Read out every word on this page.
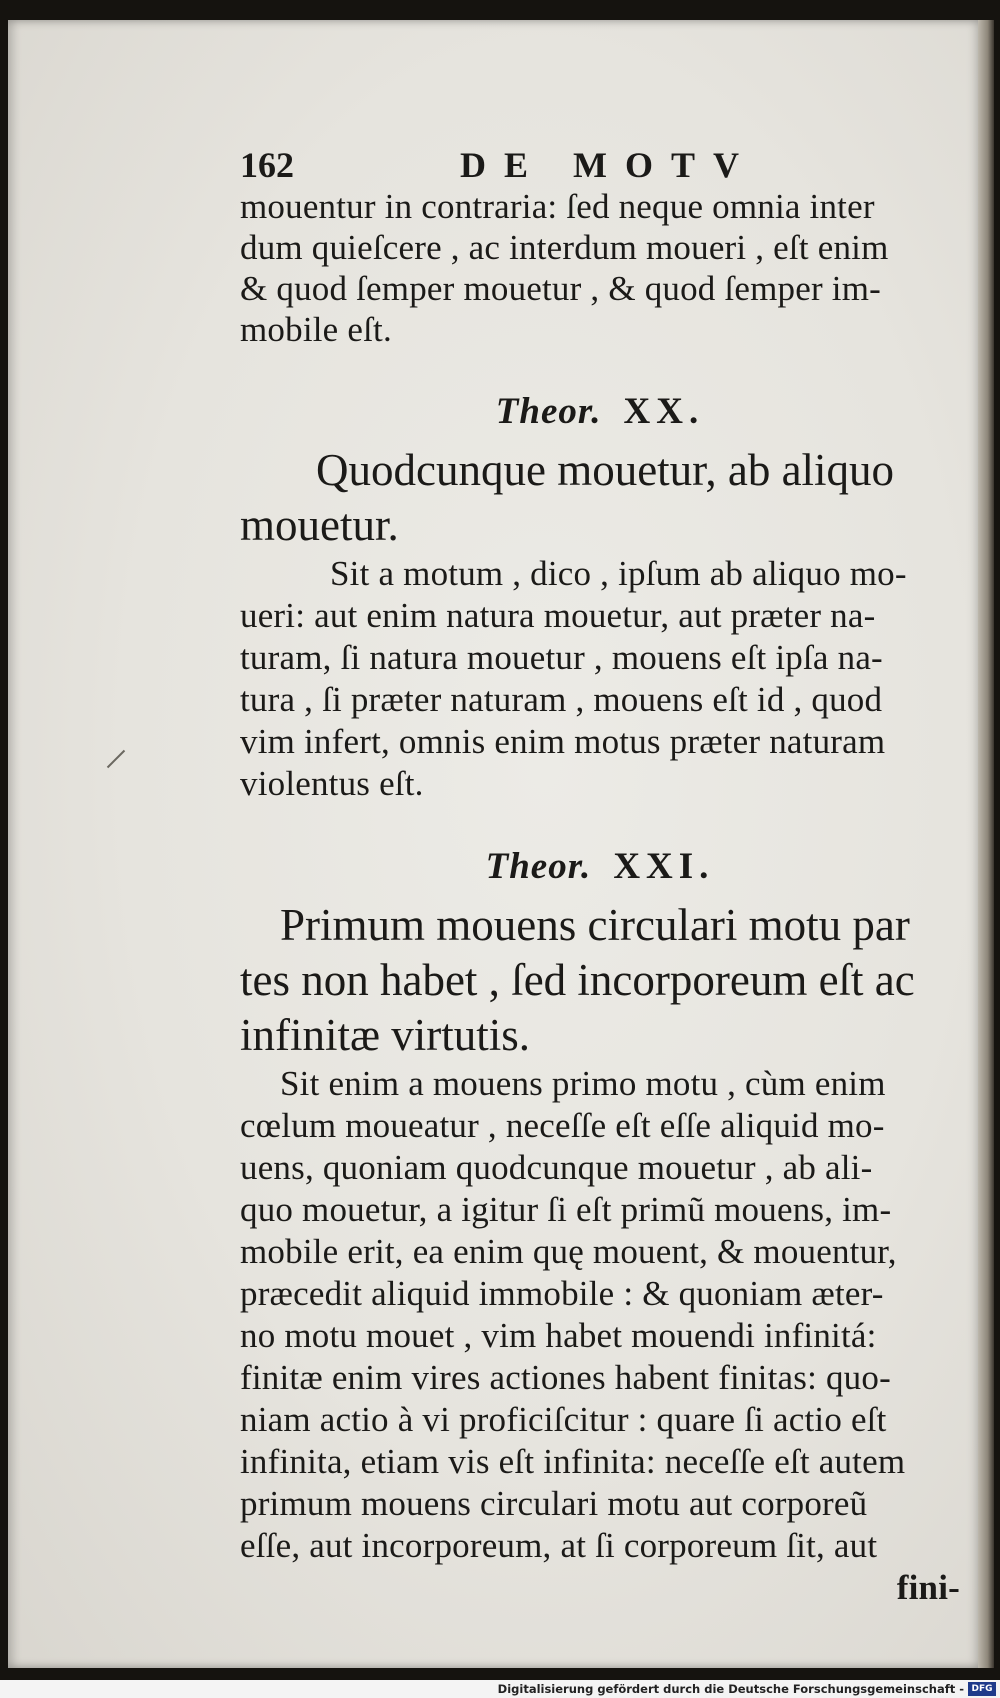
162	DE MOTV
mouentur in contraria: ſed neque omnia inter
dum quieſcere , ac interdum moueri , eſt enim
& quod ſemper mouetur , & quod ſemper im-
mobile eſt.
Theor. XX.
Quodcunque mouetur, ab aliquo
mouetur.
Sit a motum , dico , ipſum ab aliquo mo-
ueri: aut enim natura mouetur, aut præter na-
turam, ſi natura mouetur , mouens eſt ipſa na-
tura , ſi præter naturam , mouens eſt id , quod
vim infert, omnis enim motus præter naturam
violentus eſt.
Theor. XXI.
Primum mouens circulari motu par
tes non habet , ſed incorporeum eſt ac
infinitæ virtutis.
Sit enim a mouens primo motu , cùm enim
cœlum moueatur , neceſſe eſt eſſe aliquid mo-
uens, quoniam quodcunque mouetur , ab ali-
quo mouetur, a igitur ſi eſt primũ mouens, im-
mobile erit, ea enim quę mouent, & mouentur,
præcedit aliquid immobile : & quoniam æter-
no motu mouet , vim habet mouendi infinitá:
finitæ enim vires actiones habent finitas: quo-
niam actio à vi proficiſcitur : quare ſi actio eſt
infinita, etiam vis eſt infinita: neceſſe eſt autem
primum mouens circulari motu aut corporeũ
eſſe, aut incorporeum, at ſi corporeum ſit, aut
fini-
Digitalisierung gefördert durch die Deutsche Forschungsgemeinschaft - DFG
